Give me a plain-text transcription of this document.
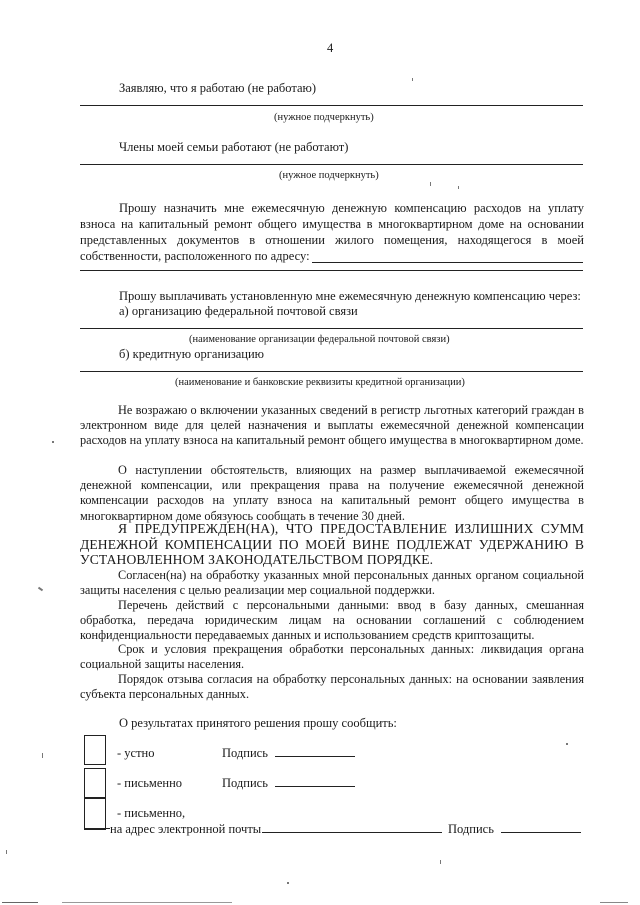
4
Заявляю, что я работаю (не работаю)
(нужное подчеркнуть)
Члены моей семьи работают (не работают)
(нужное подчеркнуть)
Прошу назначить мне ежемесячную денежную компенсацию расходов на уплату
взноса на капитальный ремонт общего имущества в многоквартирном доме на основании
представленных документов в отношении жилого помещения, находящегося в моей
собственности, расположенного по адресу:
Прошу выплачивать установленную мне ежемесячную денежную компенсацию через:
а) организацию федеральной почтовой связи
(наименование организации федеральной почтовой связи)
б) кредитную организацию
(наименование и банковские реквизиты кредитной организации)
Не возражаю о включении указанных сведений в регистр льготных категорий граждан в электронном виде для целей назначения и выплаты ежемесячной денежной компенсации расходов на уплату взноса на капитальный ремонт общего имущества в многоквартирном доме.
О наступлении обстоятельств, влияющих на размер выплачиваемой ежемесячной денежной компенсации, или прекращения права на получение ежемесячной денежной компенсации расходов на уплату взноса на капитальный ремонт общего имущества в многоквартирном доме обязуюсь сообщать в течение 30 дней.
Я ПРЕДУПРЕЖДЕН(НА), ЧТО ПРЕДОСТАВЛЕНИЕ ИЗЛИШНИХ СУММ ДЕНЕЖНОЙ КОМПЕНСАЦИИ ПО МОЕЙ ВИНЕ ПОДЛЕЖАТ УДЕРЖАНИЮ В УСТАНОВЛЕННОМ ЗАКОНОДАТЕЛЬСТВОМ ПОРЯДКЕ.
Согласен(на) на обработку указанных мной персональных данных органом социальной защиты населения с целью реализации мер социальной поддержки.
Перечень действий с персональными данными: ввод в базу данных, смешанная обработка, передача юридическим лицам на основании соглашений с соблюдением конфиденциальности передаваемых данных и использованием средств криптозащиты.
Срок и условия прекращения обработки персональных данных: ликвидация органа социальной защиты населения.
Порядок отзыва согласия на обработку персональных данных: на основании заявления субъекта персональных данных.
О результатах принятого решения прошу сообщить:
- устно	Подпись
- письменно	Подпись
- письменно,
на адрес электронной почты	Подпись
